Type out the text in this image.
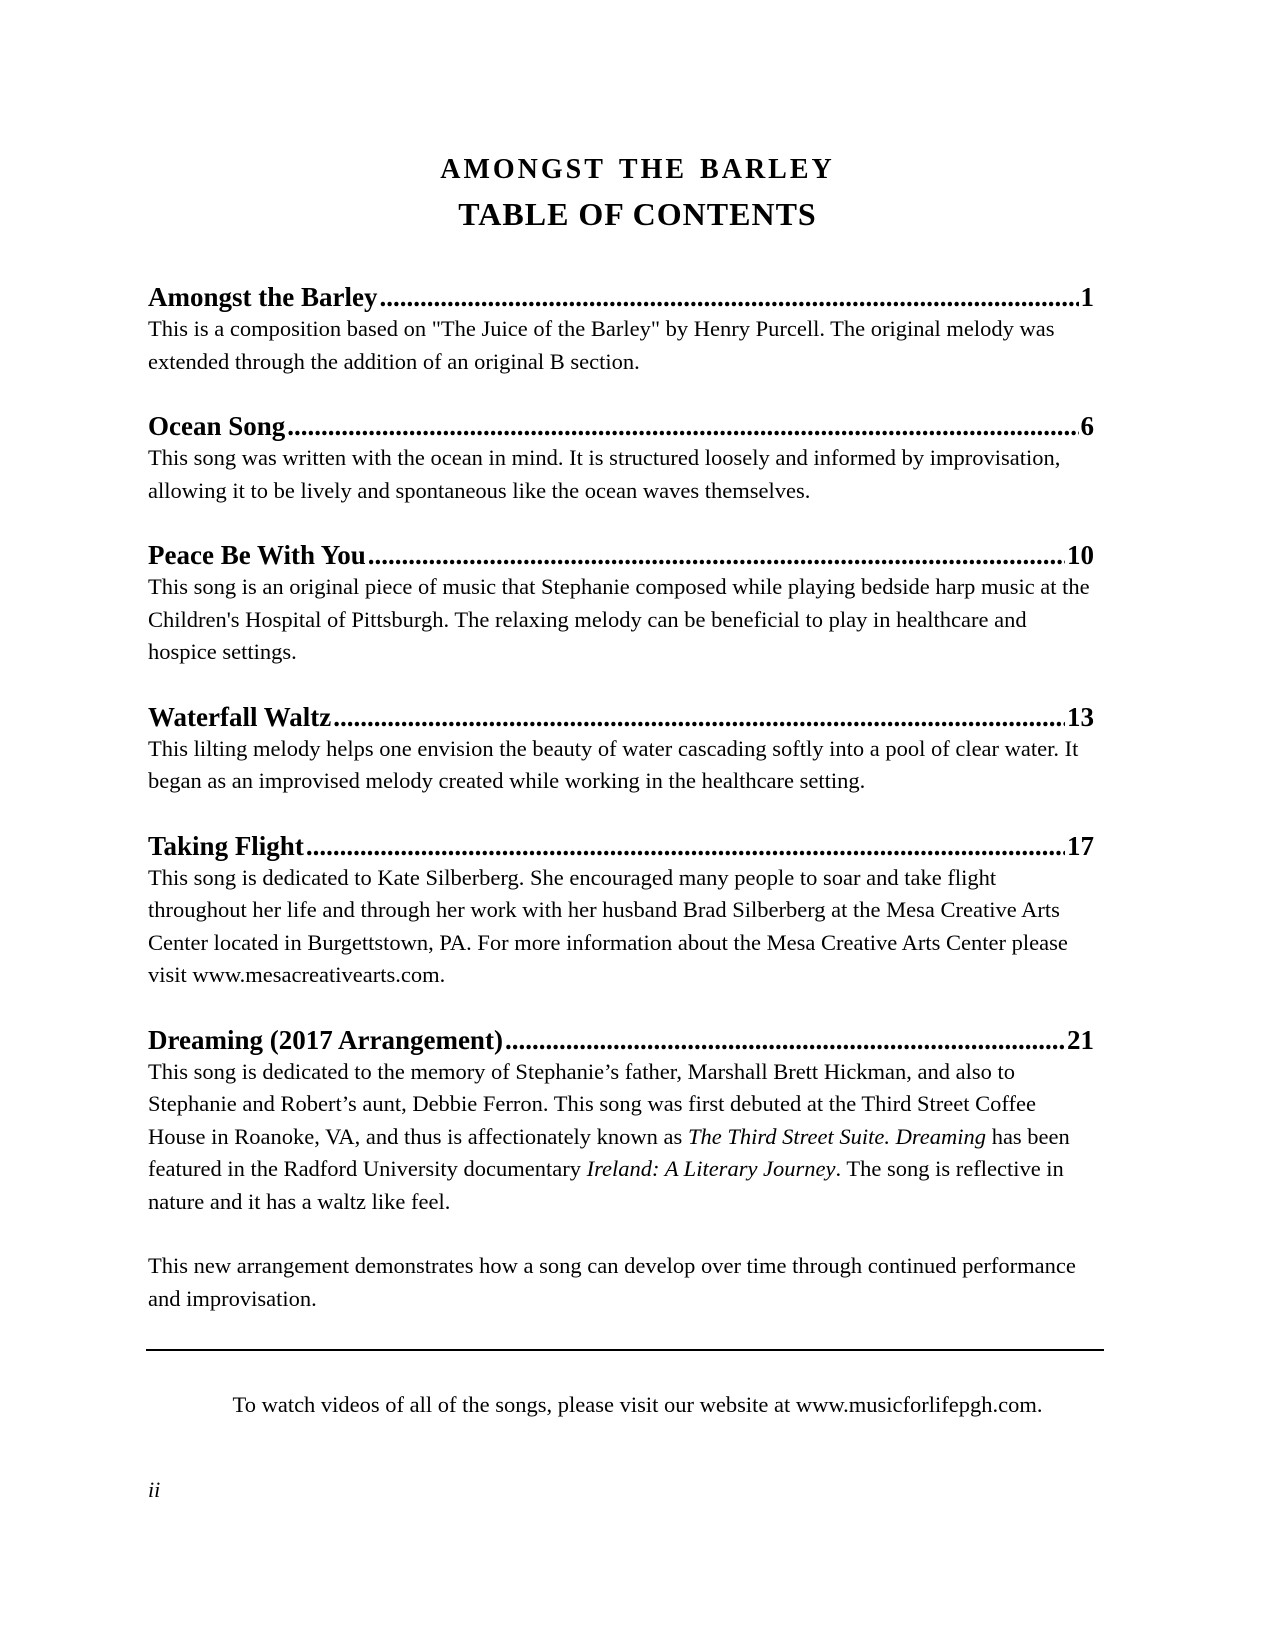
amongst the barley
TABLE OF CONTENTS
Amongst the Barley .....	1

This is a composition based on "The Juice of the Barley" by Henry Purcell. The original melody was extended through the addition of an original B section.

Ocean Song .....	6

This song was written with the ocean in mind. It is structured loosely and informed by improvisation, allowing it to be lively and spontaneous like the ocean waves themselves.

Peace Be With You .....	10

This song is an original piece of music that Stephanie composed while playing bedside harp music at the Children's Hospital of Pittsburgh. The relaxing melody can be beneficial to play in healthcare and hospice settings.

Waterfall Waltz .....	13

This lilting melody helps one envision the beauty of water cascading softly into a pool of clear water. It began as an improvised melody created while working in the healthcare setting.

Taking Flight .....	17

This song is dedicated to Kate Silberberg. She encouraged many people to soar and take flight throughout her life and through her work with her husband Brad Silberberg at the Mesa Creative Arts Center located in Burgettstown, PA. For more information about the Mesa Creative Arts Center please visit www.mesacreativearts.com.

Dreaming (2017 Arrangement) .....	21

This song is dedicated to the memory of Stephanie’s father, Marshall Brett Hickman, and also to Stephanie and Robert’s aunt, Debbie Ferron. This song was first debuted at the Third Street Coffee House in Roanoke, VA, and thus is affectionately known as The Third Street Suite. Dreaming has been featured in the Radford University documentary Ireland: A Literary Journey. The song is reflective in nature and it has a waltz like feel.

This new arrangement demonstrates how a song can develop over time through continued performance and improvisation.

To watch videos of all of the songs, please visit our website at www.musicforlifepgh.com.
ii
